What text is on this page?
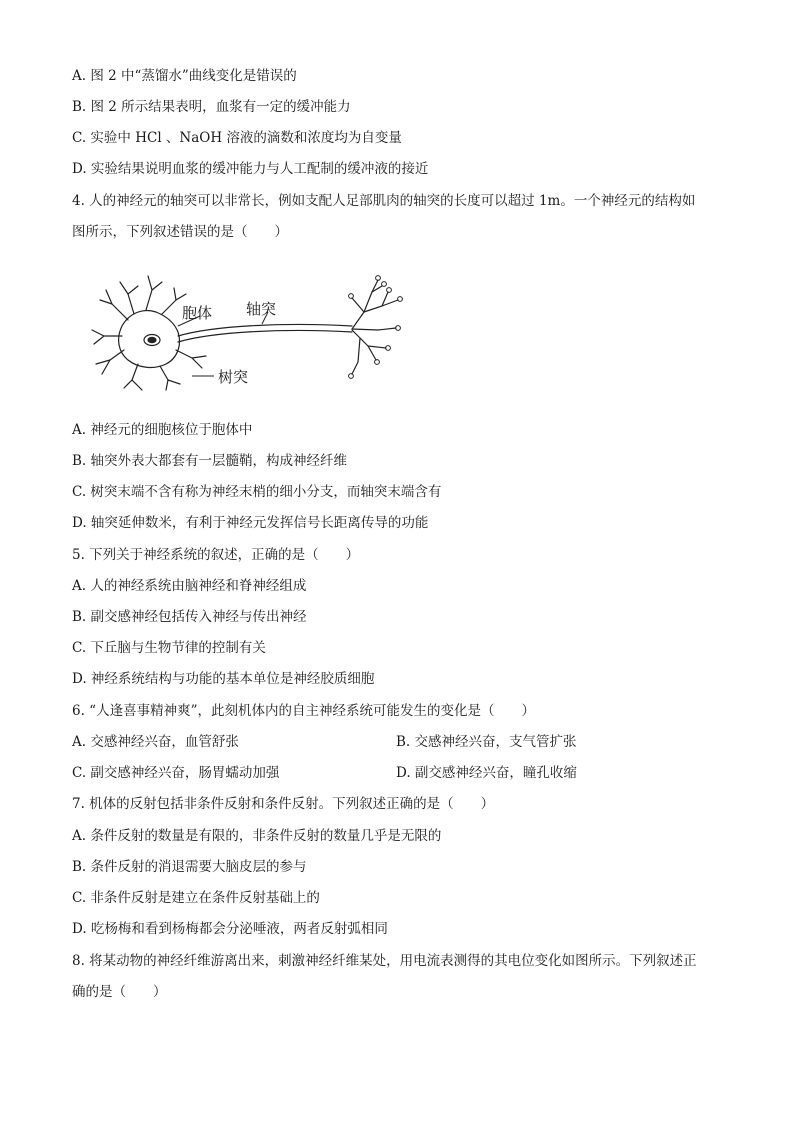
A. 图 2 中“蒸馏水”曲线变化是错误的
B. 图 2 所示结果表明，血浆有一定的缓冲能力
C. 实验中 HCl 、NaOH 溶液的滴数和浓度均为自变量
D. 实验结果说明血浆的缓冲能力与人工配制的缓冲液的接近
4. 人的神经元的轴突可以非常长，例如支配人足部肌肉的轴突的长度可以超过 1m。一个神经元的结构如
图所示，下列叙述错误的是（　　）
胞体 轴突
树突
A. 神经元的细胞核位于胞体中
B. 轴突外表大都套有一层髓鞘，构成神经纤维
C. 树突末端不含有称为神经末梢的细小分支，而轴突末端含有
D. 轴突延伸数米，有利于神经元发挥信号长距离传导的功能
5. 下列关于神经系统的叙述，正确的是（　　）
A. 人的神经系统由脑神经和脊神经组成
B. 副交感神经包括传入神经与传出神经
C. 下丘脑与生物节律的控制有关
D. 神经系统结构与功能的基本单位是神经胶质细胞
6. “人逢喜事精神爽”，此刻机体内的自主神经系统可能发生的变化是（　　）
A. 交感神经兴奋，血管舒张	B. 交感神经兴奋，支气管扩张
C. 副交感神经兴奋，肠胃蠕动加强	D. 副交感神经兴奋，瞳孔收缩
7. 机体的反射包括非条件反射和条件反射。下列叙述正确的是（　　）
A. 条件反射的数量是有限的，非条件反射的数量几乎是无限的
B. 条件反射的消退需要大脑皮层的参与
C. 非条件反射是建立在条件反射基础上的
D. 吃杨梅和看到杨梅都会分泌唾液，两者反射弧相同
8. 将某动物的神经纤维游离出来，刺激神经纤维某处，用电流表测得的其电位变化如图所示。下列叙述正
确的是（　　）
